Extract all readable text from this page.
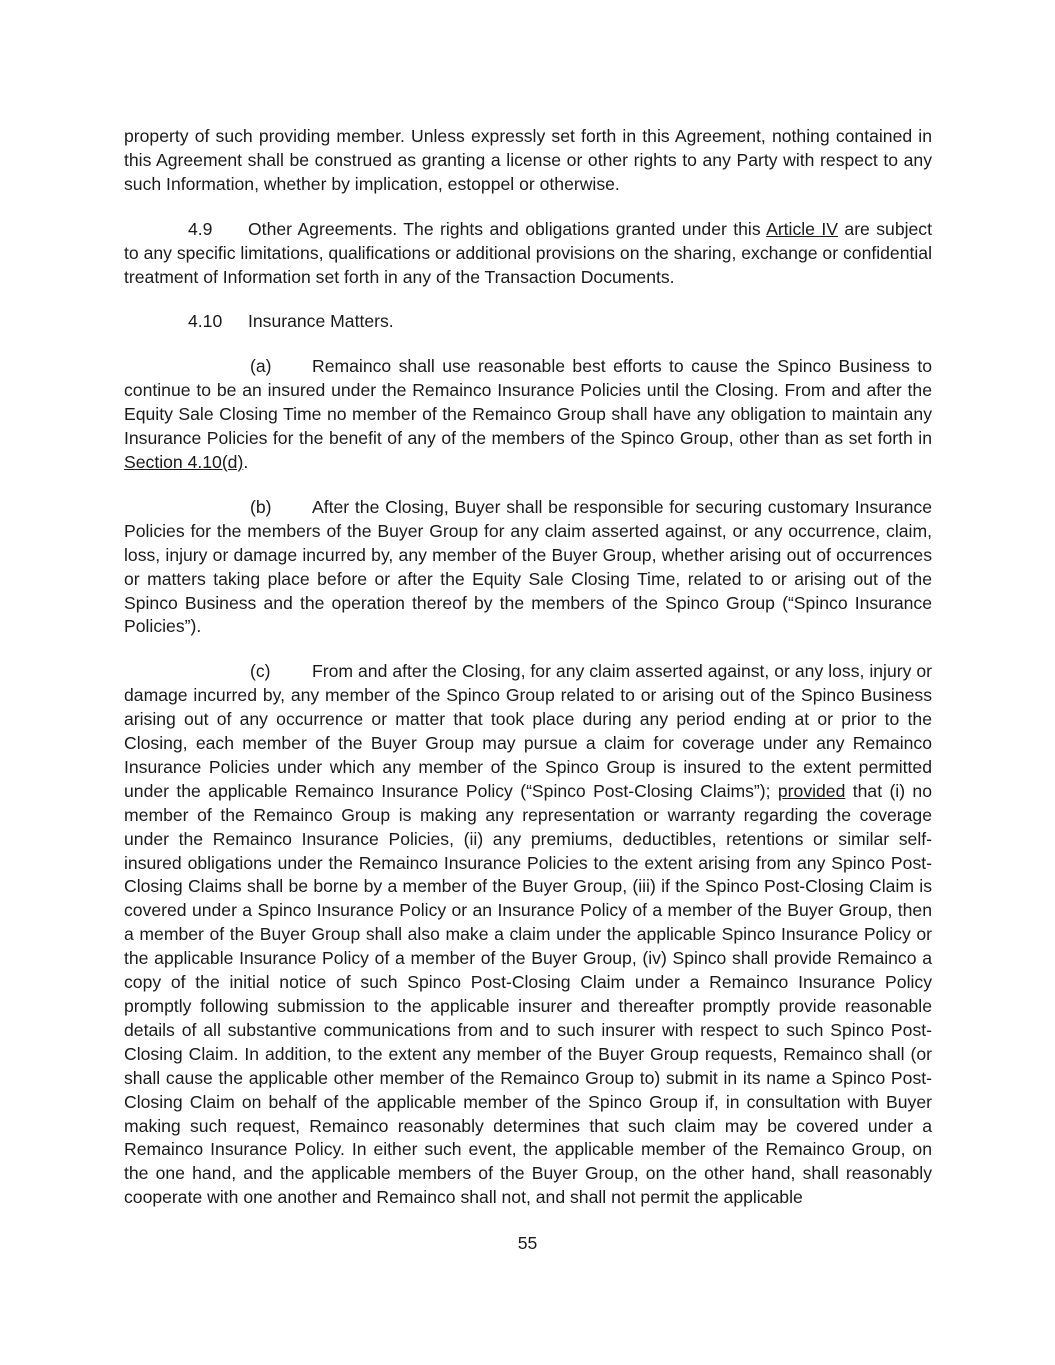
property of such providing member. Unless expressly set forth in this Agreement, nothing contained in this Agreement shall be construed as granting a license or other rights to any Party with respect to any such Information, whether by implication, estoppel or otherwise.

4.9 Other Agreements. The rights and obligations granted under this Article IV are subject to any specific limitations, qualifications or additional provisions on the sharing, exchange or confidential treatment of Information set forth in any of the Transaction Documents.

4.10 Insurance Matters.

(a) Remainco shall use reasonable best efforts to cause the Spinco Business to continue to be an insured under the Remainco Insurance Policies until the Closing. From and after the Equity Sale Closing Time no member of the Remainco Group shall have any obligation to maintain any Insurance Policies for the benefit of any of the members of the Spinco Group, other than as set forth in Section 4.10(d).

(b) After the Closing, Buyer shall be responsible for securing customary Insurance Policies for the members of the Buyer Group for any claim asserted against, or any occurrence, claim, loss, injury or damage incurred by, any member of the Buyer Group, whether arising out of occurrences or matters taking place before or after the Equity Sale Closing Time, related to or arising out of the Spinco Business and the operation thereof by the members of the Spinco Group (“Spinco Insurance Policies”).

(c) From and after the Closing, for any claim asserted against, or any loss, injury or damage incurred by, any member of the Spinco Group related to or arising out of the Spinco Business arising out of any occurrence or matter that took place during any period ending at or prior to the Closing, each member of the Buyer Group may pursue a claim for coverage under any Remainco Insurance Policies under which any member of the Spinco Group is insured to the extent permitted under the applicable Remainco Insurance Policy (“Spinco Post-Closing Claims”); provided that (i) no member of the Remainco Group is making any representation or warranty regarding the coverage under the Remainco Insurance Policies, (ii) any premiums, deductibles, retentions or similar self-insured obligations under the Remainco Insurance Policies to the extent arising from any Spinco Post-Closing Claims shall be borne by a member of the Buyer Group, (iii) if the Spinco Post-Closing Claim is covered under a Spinco Insurance Policy or an Insurance Policy of a member of the Buyer Group, then a member of the Buyer Group shall also make a claim under the applicable Spinco Insurance Policy or the applicable Insurance Policy of a member of the Buyer Group, (iv) Spinco shall provide Remainco a copy of the initial notice of such Spinco Post-Closing Claim under a Remainco Insurance Policy promptly following submission to the applicable insurer and thereafter promptly provide reasonable details of all substantive communications from and to such insurer with respect to such Spinco Post-Closing Claim. In addition, to the extent any member of the Buyer Group requests, Remainco shall (or shall cause the applicable other member of the Remainco Group to) submit in its name a Spinco Post-Closing Claim on behalf of the applicable member of the Spinco Group if, in consultation with Buyer making such request, Remainco reasonably determines that such claim may be covered under a Remainco Insurance Policy. In either such event, the applicable member of the Remainco Group, on the one hand, and the applicable members of the Buyer Group, on the other hand, shall reasonably cooperate with one another and Remainco shall not, and shall not permit the applicable

55
